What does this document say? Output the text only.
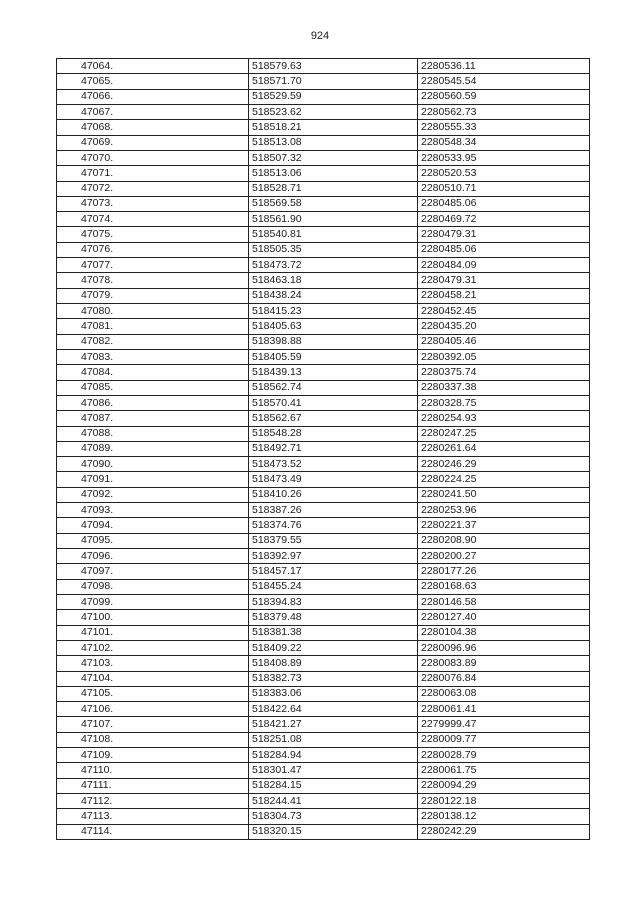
924
47064.	518579.63	2280536.11
47065.	518571.70	2280545.54
47066.	518529.59	2280560.59
47067.	518523.62	2280562.73
47068.	518518.21	2280555.33
47069.	518513.08	2280548.34
47070.	518507.32	2280533.95
47071.	518513.06	2280520.53
47072.	518528.71	2280510.71
47073.	518569.58	2280485.06
47074.	518561.90	2280469.72
47075.	518540.81	2280479.31
47076.	518505.35	2280485.06
47077.	518473.72	2280484.09
47078.	518463.18	2280479.31
47079.	518438.24	2280458.21
47080.	518415.23	2280452.45
47081.	518405.63	2280435.20
47082.	518398.88	2280405.46
47083.	518405.59	2280392.05
47084.	518439.13	2280375.74
47085.	518562.74	2280337.38
47086.	518570.41	2280328.75
47087.	518562.67	2280254.93
47088.	518548.28	2280247.25
47089.	518492.71	2280261.64
47090.	518473.52	2280246.29
47091.	518473.49	2280224.25
47092.	518410.26	2280241.50
47093.	518387.26	2280253.96
47094.	518374.76	2280221.37
47095.	518379.55	2280208.90
47096.	518392.97	2280200.27
47097.	518457.17	2280177.26
47098.	518455.24	2280168.63
47099.	518394.83	2280146.58
47100.	518379.48	2280127.40
47101.	518381.38	2280104.38
47102.	518409.22	2280096.96
47103.	518408.89	2280083.89
47104.	518382.73	2280076.84
47105.	518383.06	2280063.08
47106.	518422.64	2280061.41
47107.	518421.27	2279999.47
47108.	518251.08	2280009.77
47109.	518284.94	2280028.79
47110.	518301.47	2280061.75
47111.	518284.15	2280094.29
47112.	518244.41	2280122.18
47113.	518304.73	2280138.12
47114.	518320.15	2280242.29
